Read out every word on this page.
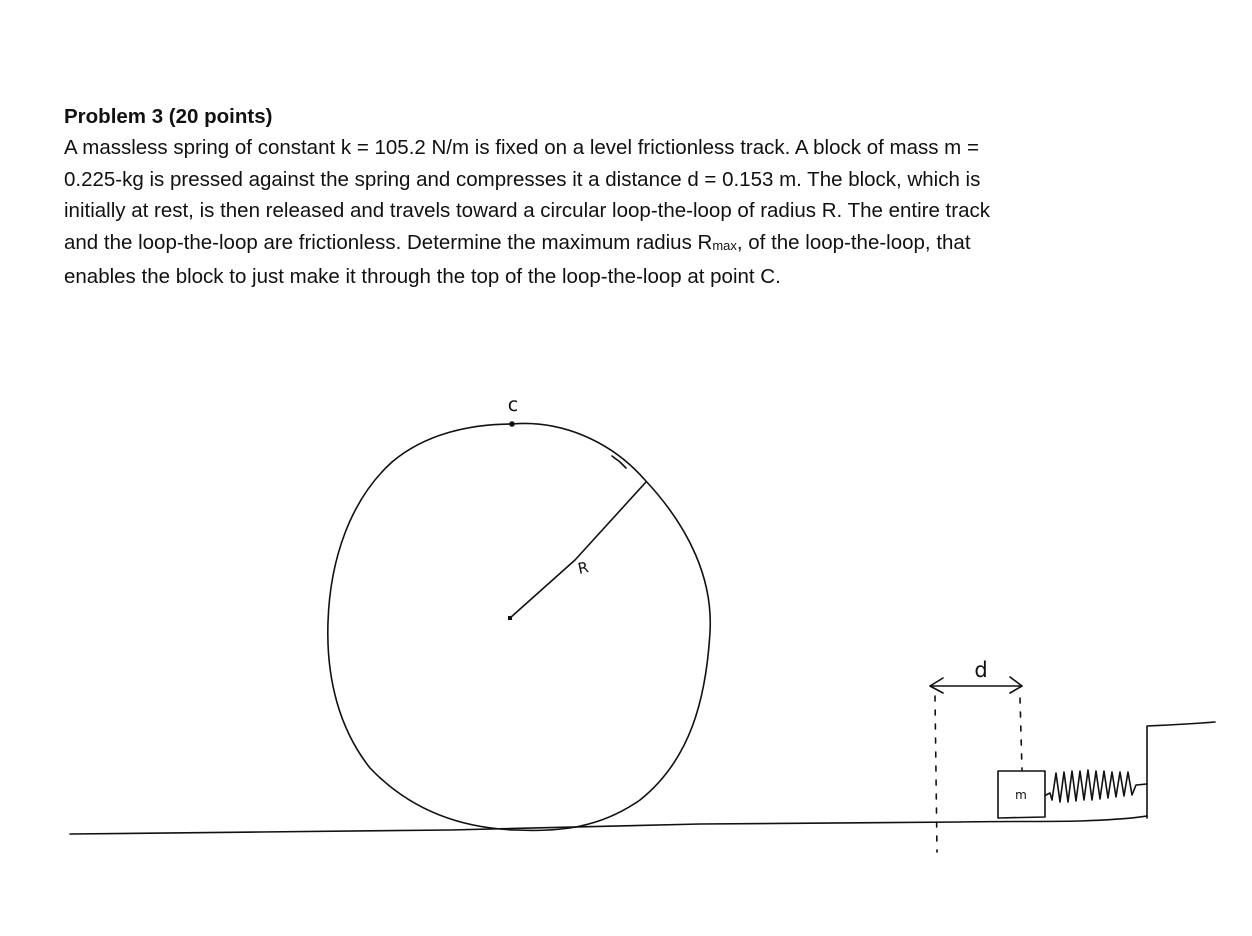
Problem 3 (20 points)
A massless spring of constant k = 105.2 N/m is fixed on a level frictionless track. A block of mass m =
0.225-kg is pressed against the spring and compresses it a distance d = 0.153 m. The block, which is
initially at rest, is then released and travels toward a circular loop-the-loop of radius R. The entire track
and the loop-the-loop are frictionless. Determine the maximum radius $R_{max}$, of the loop-the-loop, that
enables the block to just make it through the top of the loop-the-loop at point C.
c
R
d
m
